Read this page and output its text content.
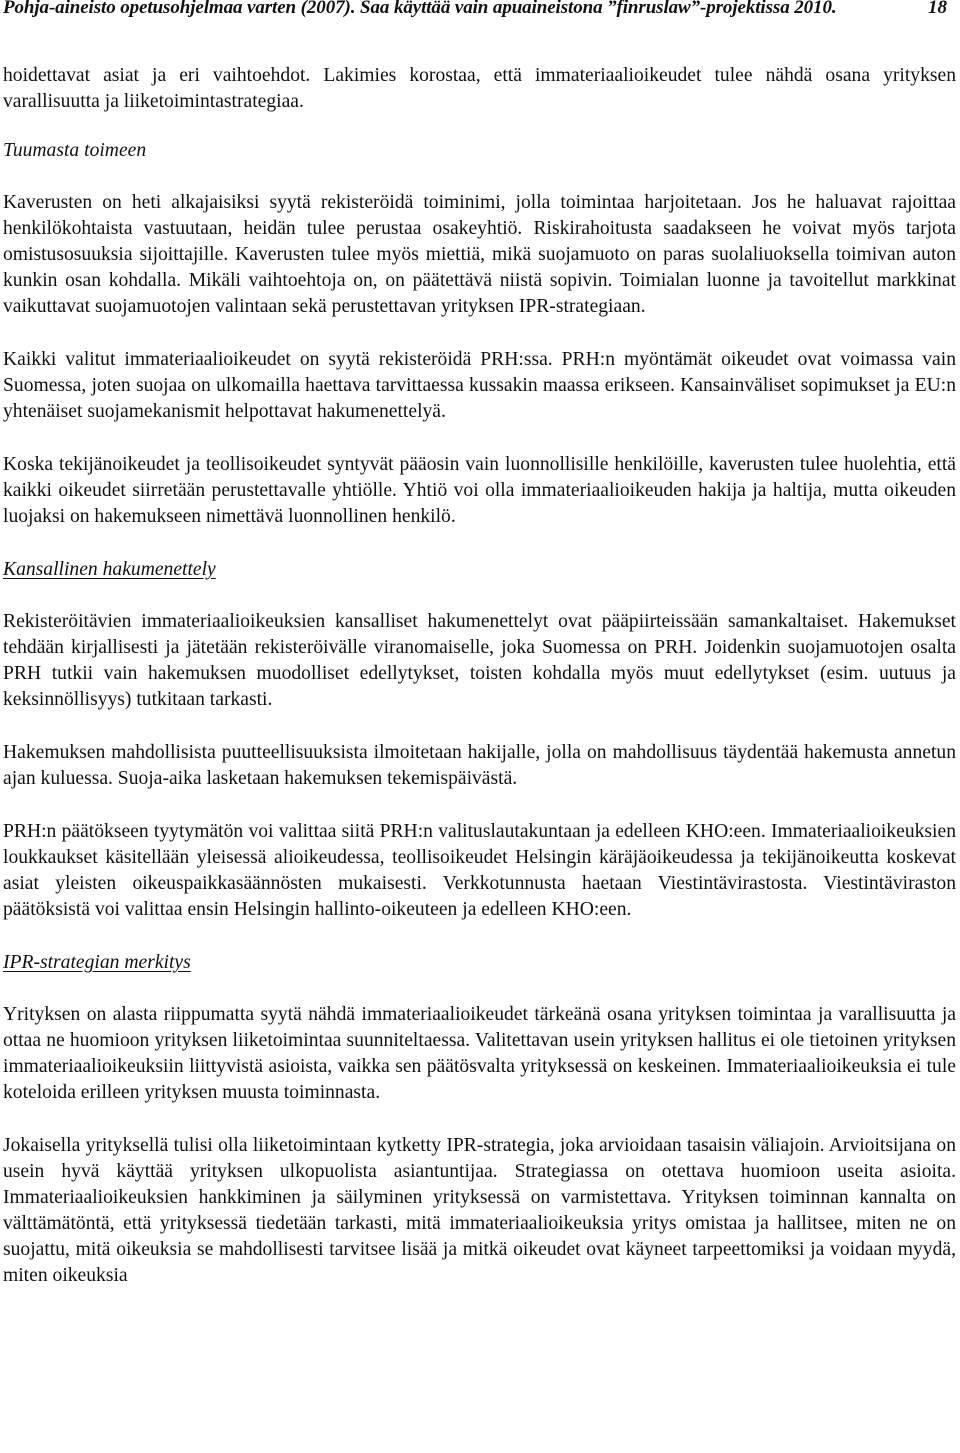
Pohja-aineisto opetusohjelmaa varten (2007). Saa käyttää vain apuaineistona ”finruslaw”-projektissa 2010.	18

hoidettavat asiat ja eri vaihtoehdot. Lakimies korostaa, että immateriaalioikeudet tulee nähdä osana yrityksen varallisuutta ja liiketoimintastrategiaa.

Tuumasta toimeen

Kaverusten on heti alkajaisiksi syytä rekisteröidä toiminimi, jolla toimintaa harjoitetaan. Jos he haluavat rajoittaa henkilökohtaista vastuutaan, heidän tulee perustaa osakeyhtiö. Riskirahoitusta saadakseen he voivat myös tarjota omistusosuuksia sijoittajille. Kaverusten tulee myös miettiä, mikä suojamuoto on paras suolaliuoksella toimivan auton kunkin osan kohdalla. Mikäli vaihtoehtoja on, on päätettävä niistä sopivin. Toimialan luonne ja tavoitellut markkinat vaikuttavat suojamuotojen valintaan sekä perustettavan yrityksen IPR-strategiaan.

Kaikki valitut immateriaalioikeudet on syytä rekisteröidä PRH:ssa. PRH:n myöntämät oikeudet ovat voimassa vain Suomessa, joten suojaa on ulkomailla haettava tarvittaessa kussakin maassa erikseen. Kansainväliset sopimukset ja EU:n yhtenäiset suojamekanismit helpottavat hakumenettelyä.

Koska tekijänoikeudet ja teollisoikeudet syntyvät pääosin vain luonnollisille henkilöille, kaverusten tulee huolehtia, että kaikki oikeudet siirretään perustettavalle yhtiölle. Yhtiö voi olla immateriaalioikeuden hakija ja haltija, mutta oikeuden luojaksi on hakemukseen nimettävä luonnollinen henkilö.

Kansallinen hakumenettely

Rekisteröitävien immateriaalioikeuksien kansalliset hakumenettelyt ovat pääpiirteissään samankaltaiset. Hakemukset tehdään kirjallisesti ja jätetään rekisteröivälle viranomaiselle, joka Suomessa on PRH. Joidenkin suojamuotojen osalta PRH tutkii vain hakemuksen muodolliset edellytykset, toisten kohdalla myös muut edellytykset (esim. uutuus ja keksinnöllisyys) tutkitaan tarkasti.

Hakemuksen mahdollisista puutteellisuuksista ilmoitetaan hakijalle, jolla on mahdollisuus täydentää hakemusta annetun ajan kuluessa. Suoja-aika lasketaan hakemuksen tekemispäivästä.

PRH:n päätökseen tyytymätön voi valittaa siitä PRH:n valituslautakuntaan ja edelleen KHO:een. Immateriaalioikeuksien loukkaukset käsitellään yleisessä alioikeudessa, teollisoikeudet Helsingin käräjäoikeudessa ja tekijänoikeutta koskevat asiat yleisten oikeuspaikkasäännösten mukaisesti. Verkkotunnusta haetaan Viestintävirastosta. Viestintäviraston päätöksistä voi valittaa ensin Helsingin hallinto-oikeuteen ja edelleen KHO:een.

IPR-strategian merkitys

Yrityksen on alasta riippumatta syytä nähdä immateriaalioikeudet tärkeänä osana yrityksen toimintaa ja varallisuutta ja ottaa ne huomioon yrityksen liiketoimintaa suunniteltaessa. Valitettavan usein yrityksen hallitus ei ole tietoinen yrityksen immateriaalioikeuksiin liittyvistä asioista, vaikka sen päätösvalta yrityksessä on keskeinen. Immateriaalioikeuksia ei tule koteloida erilleen yrityksen muusta toiminnasta.

Jokaisella yrityksellä tulisi olla liiketoimintaan kytketty IPR-strategia, joka arvioidaan tasaisin väliajoin. Arvioitsijana on usein hyvä käyttää yrityksen ulkopuolista asiantuntijaa. Strategiassa on otettava huomioon useita asioita. Immateriaalioikeuksien hankkiminen ja säilyminen yrityksessä on varmistettava. Yrityksen toiminnan kannalta on välttämätöntä, että yrityksessä tiedetään tarkasti, mitä immateriaalioikeuksia yritys omistaa ja hallitsee, miten ne on suojattu, mitä oikeuksia se mahdollisesti tarvitsee lisää ja mitkä oikeudet ovat käyneet tarpeettomiksi ja voidaan myydä, miten oikeuksia
